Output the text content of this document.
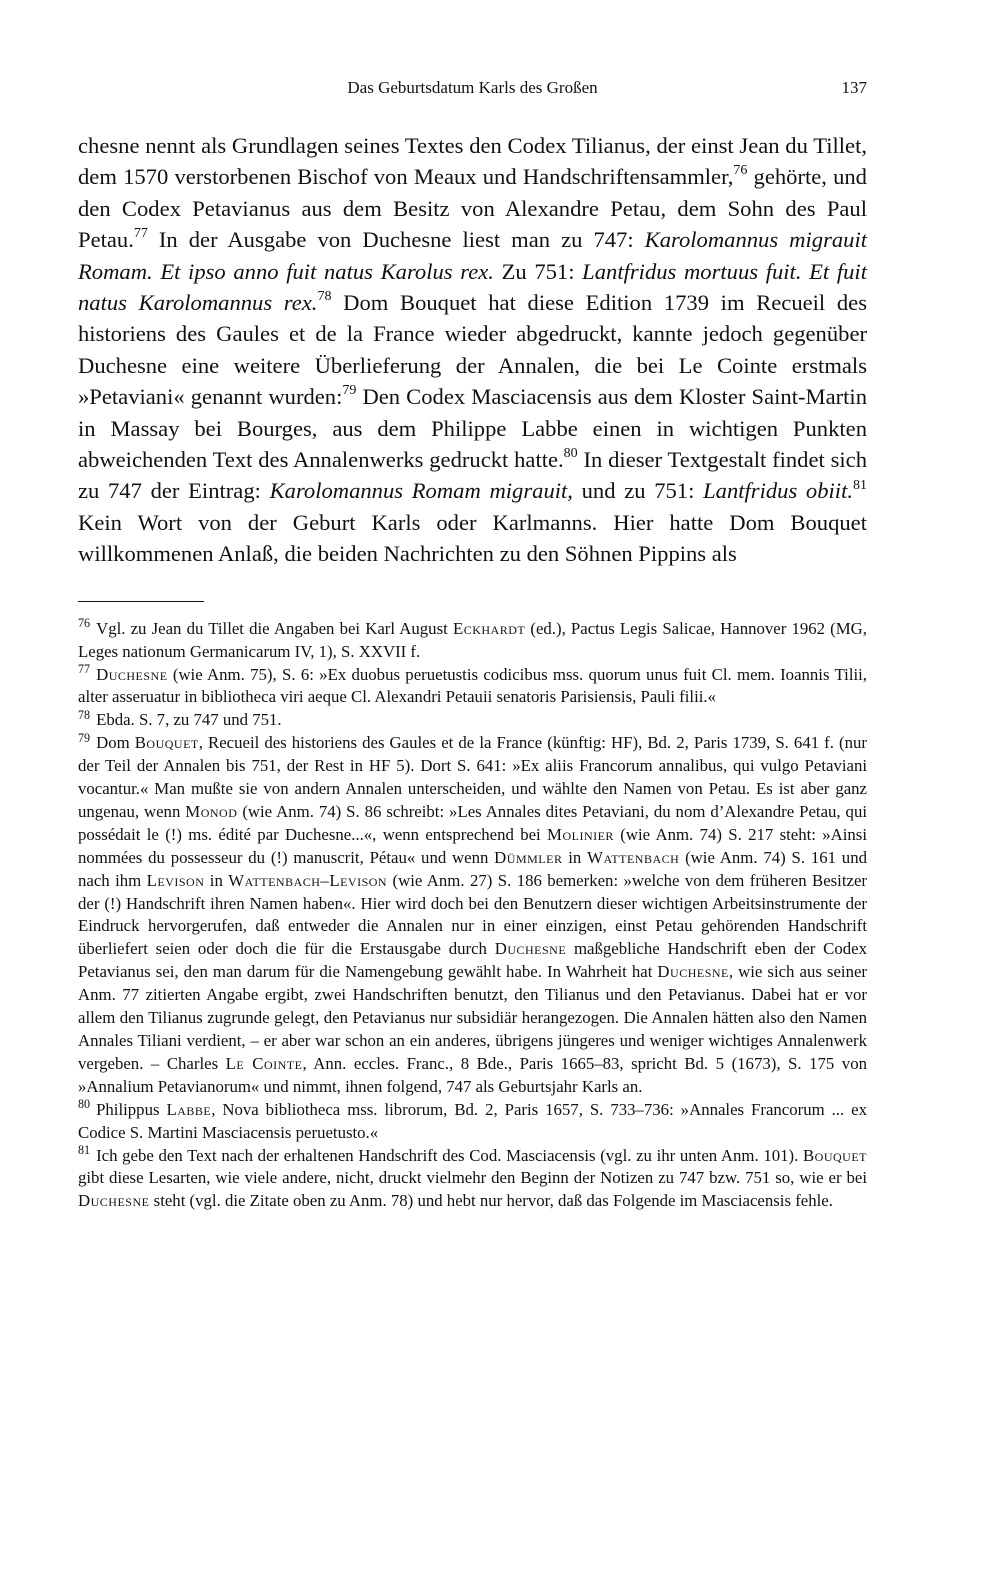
Das Geburtsdatum Karls des Großen	137

chesne nennt als Grundlagen seines Textes den Codex Tilianus, der einst Jean du Tillet, dem 1570 verstorbenen Bischof von Meaux und Handschriftensammler,$^{76}$ gehörte, und den Codex Petavianus aus dem Besitz von Alexandre Petau, dem Sohn des Paul Petau.$^{77}$ In der Ausgabe von Duchesne liest man zu 747: Karolomannus migrauit Romam. Et ipso anno fuit natus Karolus rex. Zu 751: Lantfridus mortuus fuit. Et fuit natus Karolomannus rex.$^{78}$ Dom Bouquet hat diese Edition 1739 im Recueil des historiens des Gaules et de la France wieder abgedruckt, kannte jedoch gegenüber Duchesne eine weitere Überlieferung der Annalen, die bei Le Cointe erstmals »Petaviani« genannt wurden:$^{79}$ Den Codex Masciacensis aus dem Kloster Saint-Martin in Massay bei Bourges, aus dem Philippe Labbe einen in wichtigen Punkten abweichenden Text des Annalenwerks gedruckt hatte.$^{80}$ In dieser Textgestalt findet sich zu 747 der Eintrag: Karolomannus Romam migrauit, und zu 751: Lantfridus obiit.$^{81}$ Kein Wort von der Geburt Karls oder Karlmanns. Hier hatte Dom Bouquet willkommenen Anlaß, die beiden Nachrichten zu den Söhnen Pippins als

$^{76}$ Vgl. zu Jean du Tillet die Angaben bei Karl August Eckhardt (ed.), Pactus Legis Salicae, Hannover 1962 (MG, Leges nationum Germanicarum IV, 1), S. XXVII f.

$^{77}$ Duchesne (wie Anm. 75), S. 6: »Ex duobus peruetustis codicibus mss. quorum unus fuit Cl. mem. Ioannis Tilii, alter asseruatur in bibliotheca viri aeque Cl. Alexandri Petauii senatoris Parisiensis, Pauli filii.«

$^{78}$ Ebda. S. 7, zu 747 und 751.

$^{79}$ Dom Bouquet, Recueil des historiens des Gaules et de la France (künftig: HF), Bd. 2, Paris 1739, S. 641 f. (nur der Teil der Annalen bis 751, der Rest in HF 5). Dort S. 641: »Ex aliis Francorum annalibus, qui vulgo Petaviani vocantur.« Man mußte sie von andern Annalen unterscheiden, und wählte den Namen von Petau. Es ist aber ganz ungenau, wenn Monod (wie Anm. 74) S. 86 schreibt: »Les Annales dites Petaviani, du nom d’Alexandre Petau, qui possédait le (!) ms. édité par Duchesne...«, wenn entsprechend bei Molinier (wie Anm. 74) S. 217 steht: »Ainsi nommées du possesseur du (!) manuscrit, Pétau« und wenn Dümmler in Wattenbach (wie Anm. 74) S. 161 und nach ihm Levison in Wattenbach–Levison (wie Anm. 27) S. 186 bemerken: »welche von dem früheren Besitzer der (!) Handschrift ihren Namen haben«. Hier wird doch bei den Benutzern dieser wichtigen Arbeitsinstrumente der Eindruck hervorgerufen, daß entweder die Annalen nur in einer einzigen, einst Petau gehörenden Handschrift überliefert seien oder doch die für die Erstausgabe durch Duchesne maßgebliche Handschrift eben der Codex Petavianus sei, den man darum für die Namengebung gewählt habe. In Wahrheit hat Duchesne, wie sich aus seiner Anm. 77 zitierten Angabe ergibt, zwei Handschriften benutzt, den Tilianus und den Petavianus. Dabei hat er vor allem den Tilianus zugrunde gelegt, den Petavianus nur subsidiär herangezogen. Die Annalen hätten also den Namen Annales Tiliani verdient, – er aber war schon an ein anderes, übrigens jüngeres und weniger wichtiges Annalenwerk vergeben. – Charles Le Cointe, Ann. eccles. Franc., 8 Bde., Paris 1665–83, spricht Bd. 5 (1673), S. 175 von »Annalium Petavianorum« und nimmt, ihnen folgend, 747 als Geburtsjahr Karls an.

$^{80}$ Philippus Labbe, Nova bibliotheca mss. librorum, Bd. 2, Paris 1657, S. 733–736: »Annales Francorum ... ex Codice S. Martini Masciacensis peruetusto.«

$^{81}$ Ich gebe den Text nach der erhaltenen Handschrift des Cod. Masciacensis (vgl. zu ihr unten Anm. 101). Bouquet gibt diese Lesarten, wie viele andere, nicht, druckt vielmehr den Beginn der Notizen zu 747 bzw. 751 so, wie er bei Duchesne steht (vgl. die Zitate oben zu Anm. 78) und hebt nur hervor, daß das Folgende im Masciacensis fehle.
